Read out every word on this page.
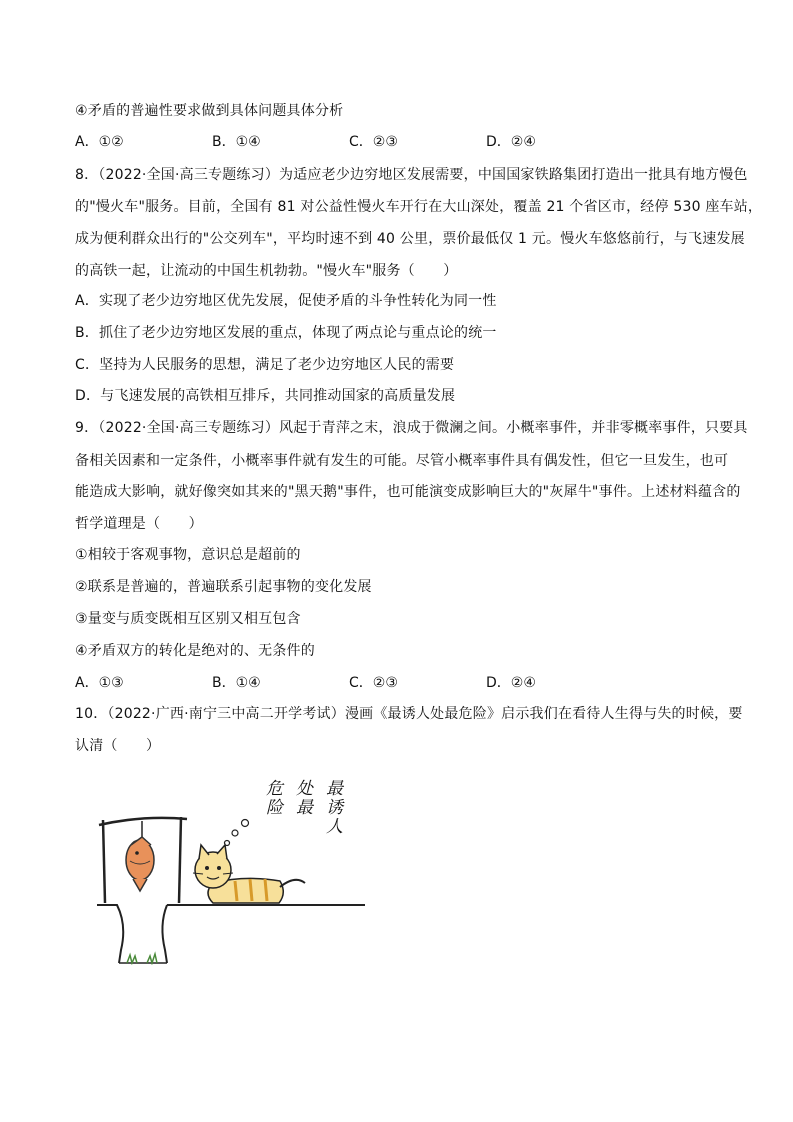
④矛盾的普遍性要求做到具体问题具体分析
A．①②	B．①④	C．②③	D．②④
8．（2022·全国·高三专题练习）为适应老少边穷地区发展需要，中国国家铁路集团打造出一批具有地方慢色
的"慢火车"服务。目前，全国有 81 对公益性慢火车开行在大山深处，覆盖 21 个省区市，经停 530 座车站，
成为便利群众出行的"公交列车"，平均时速不到 40 公里，票价最低仅 1 元。慢火车悠悠前行，与飞速发展
的高铁一起，让流动的中国生机勃勃。"慢火车"服务（　　）
A．实现了老少边穷地区优先发展，促使矛盾的斗争性转化为同一性
B．抓住了老少边穷地区发展的重点，体现了两点论与重点论的统一
C．坚持为人民服务的思想，满足了老少边穷地区人民的需要
D．与飞速发展的高铁相互排斥，共同推动国家的高质量发展
9．（2022·全国·高三专题练习）风起于青萍之末，浪成于微澜之间。小概率事件，并非零概率事件，只要具
备相关因素和一定条件，小概率事件就有发生的可能。尽管小概率事件具有偶发性，但它一旦发生，也可
能造成大影响，就好像突如其来的"黑天鹅"事件，也可能演变成影响巨大的"灰犀牛"事件。上述材料蕴含的
哲学道理是（　　）
①相较于客观事物，意识总是超前的
②联系是普遍的，普遍联系引起事物的变化发展
③量变与质变既相互区别又相互包含
④矛盾双方的转化是绝对的、无条件的
A．①③	B．①④	C．②③	D．②④
10．（2022·广西·南宁三中高二开学考试）漫画《最诱人处最危险》启示我们在看待人生得与失的时候，要
认清（　　）
最诱人
处最
危险
